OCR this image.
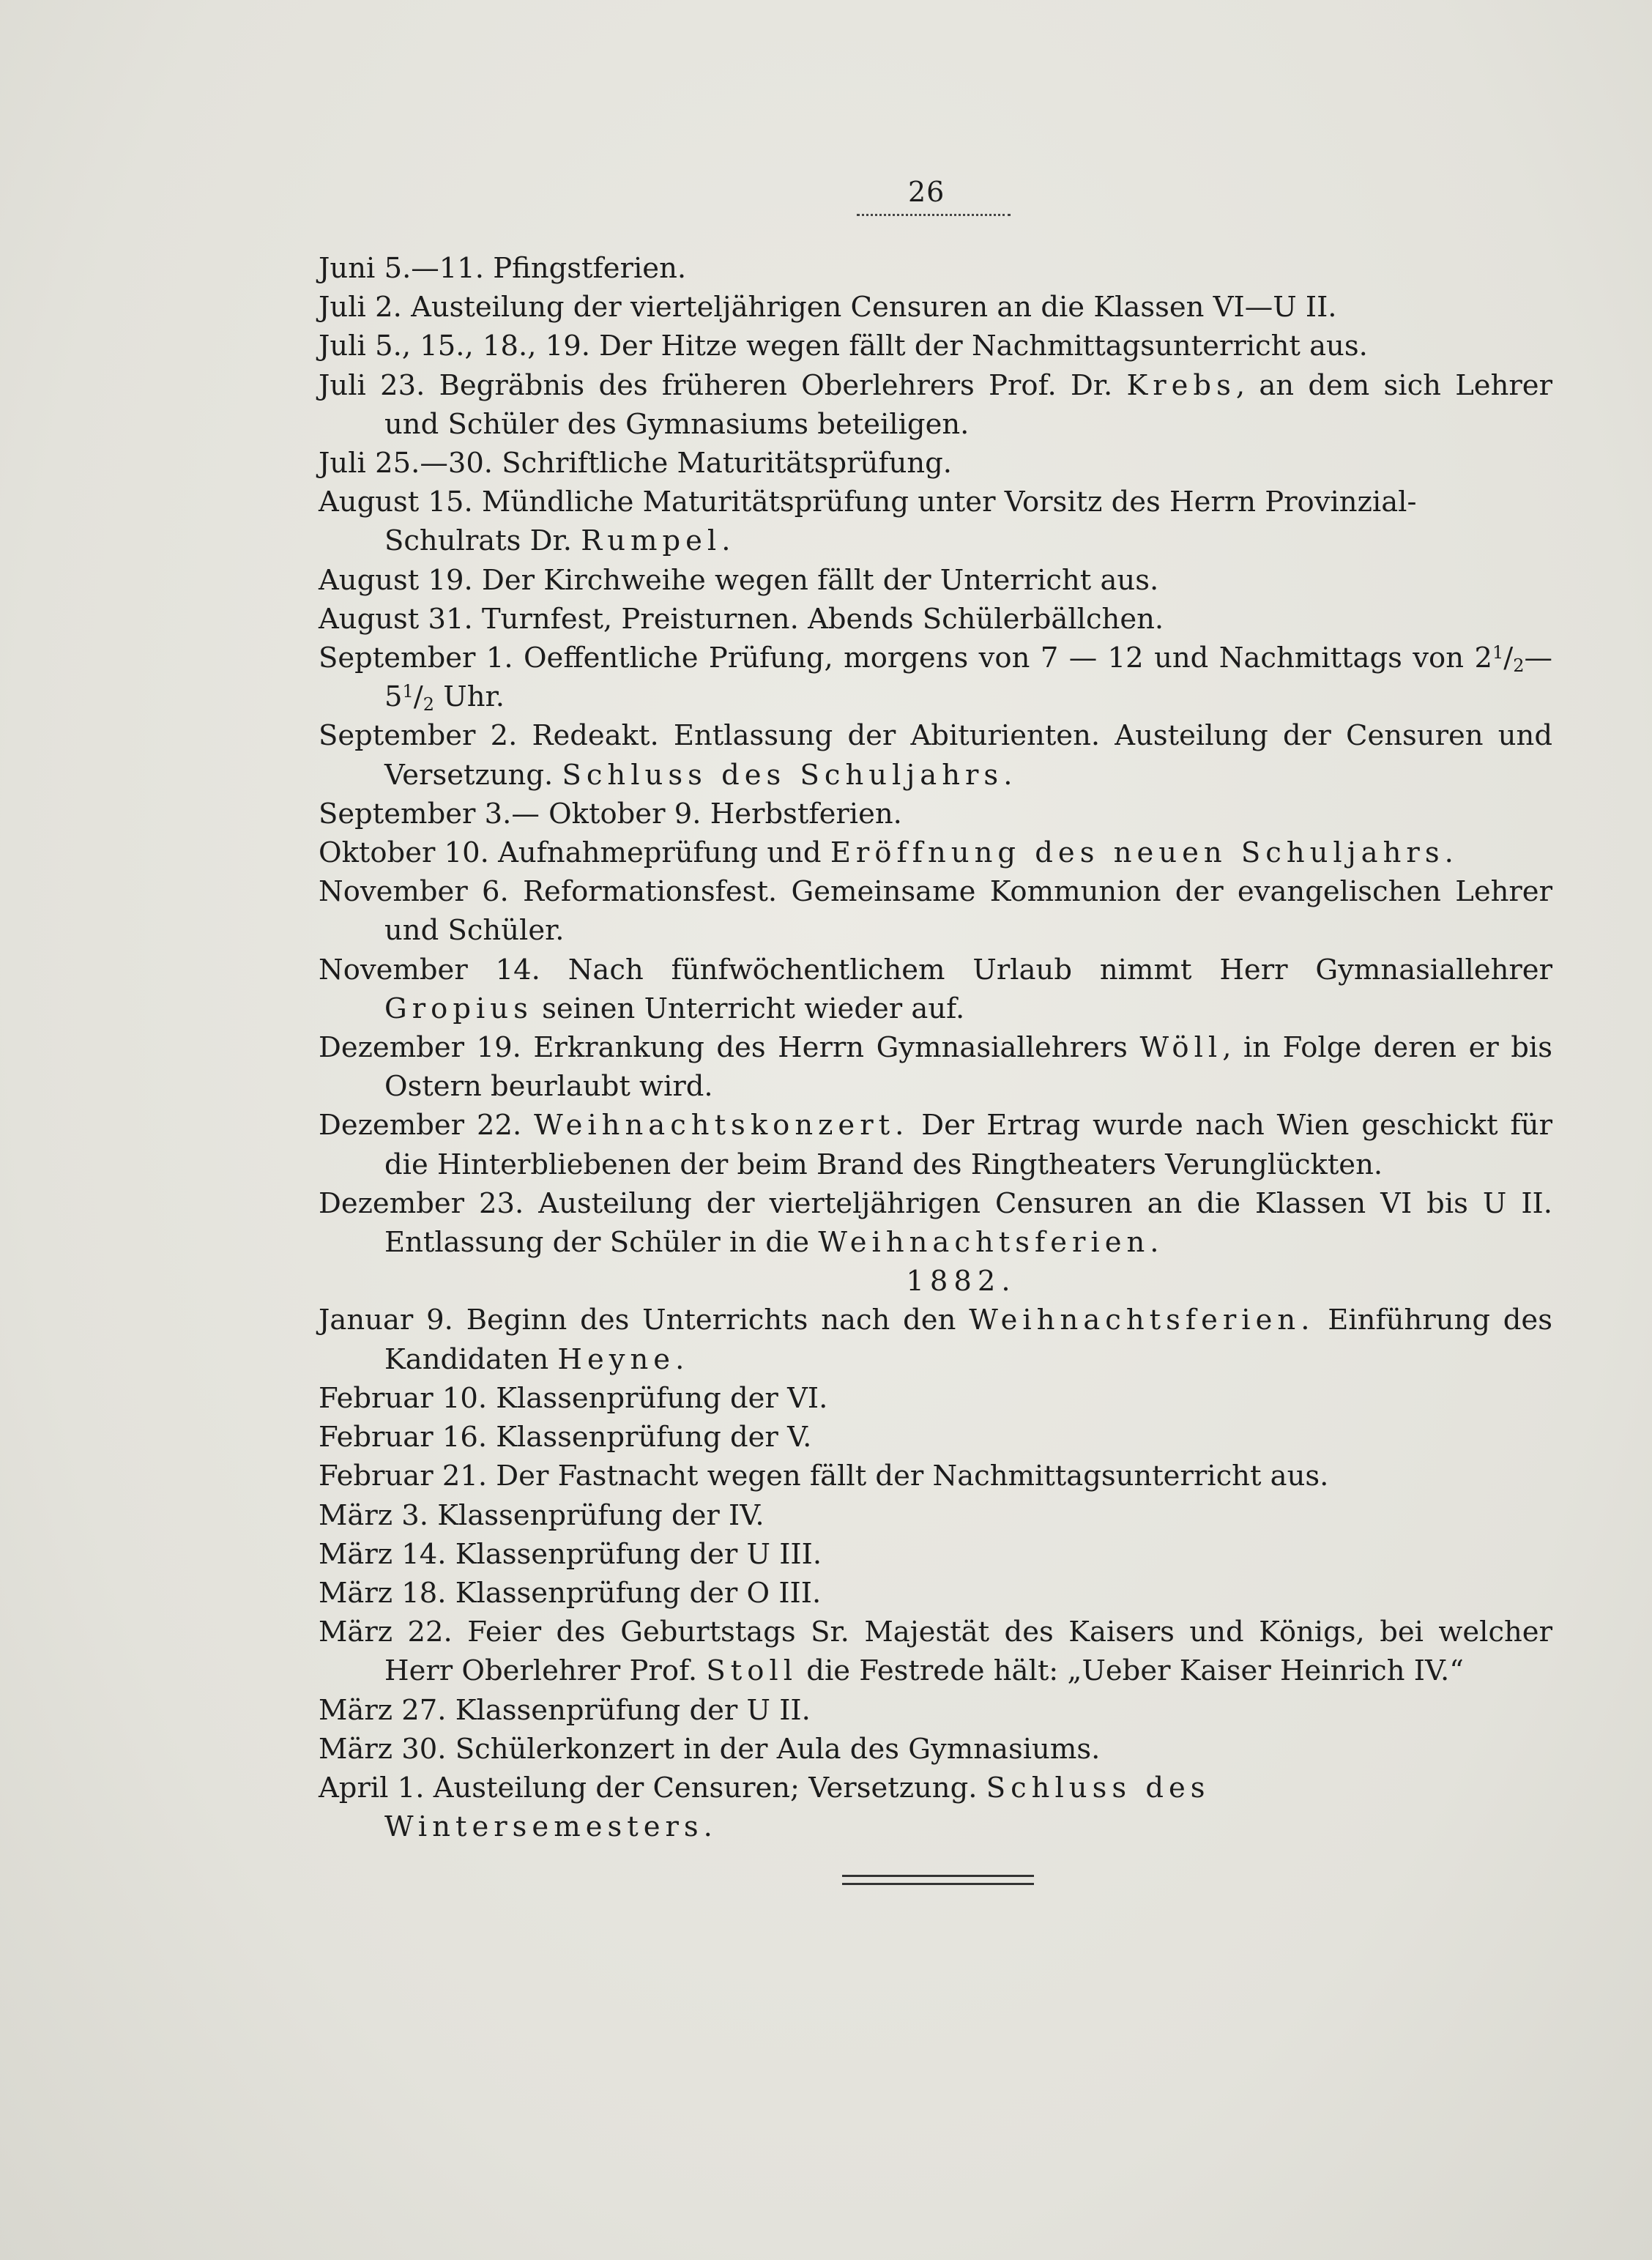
26
Juni 5.—11. Pfingstferien.
Juli 2. Austeilung der vierteljährigen Censuren an die Klassen VI—U II.
Juli 5., 15., 18., 19. Der Hitze wegen fällt der Nachmittagsunterricht aus.
Juli 23. Begräbnis des früheren Oberlehrers Prof. Dr. Krebs, an dem sich Lehrer und Schüler des Gymnasiums beteiligen.
Juli 25.—30. Schriftliche Maturitätsprüfung.
August 15. Mündliche Maturitätsprüfung unter Vorsitz des Herrn Provinzial-Schulrats Dr. Rumpel.
August 19. Der Kirchweihe wegen fällt der Unterricht aus.
August 31. Turnfest, Preisturnen. Abends Schülerbällchen.
September 1. Oeffentliche Prüfung, morgens von 7 — 12 und Nachmittags von $2^1/_2—5^1/_2$ Uhr.
September 2. Redeakt. Entlassung der Abiturienten. Austeilung der Censuren und Versetzung. Schluss des Schuljahrs.
September 3.— Oktober 9. Herbstferien.
Oktober 10. Aufnahmeprüfung und Eröffnung des neuen Schuljahrs.
November 6. Reformationsfest. Gemeinsame Kommunion der evangelischen Lehrer und Schüler.
November 14. Nach fünfwöchentlichem Urlaub nimmt Herr Gymnasiallehrer Gropius seinen Unterricht wieder auf.
Dezember 19. Erkrankung des Herrn Gymnasiallehrers Wöll, in Folge deren er bis Ostern beurlaubt wird.
Dezember 22. Weihnachtskonzert. Der Ertrag wurde nach Wien geschickt für die Hinterbliebenen der beim Brand des Ringtheaters Verunglückten.
Dezember 23. Austeilung der vierteljährigen Censuren an die Klassen VI bis U II. Entlassung der Schüler in die Weihnachtsferien.
1882.
Januar 9. Beginn des Unterrichts nach den Weihnachtsferien. Einführung des Kandidaten Heyne.
Februar 10. Klassenprüfung der VI.
Februar 16. Klassenprüfung der V.
Februar 21. Der Fastnacht wegen fällt der Nachmittagsunterricht aus.
März 3. Klassenprüfung der IV.
März 14. Klassenprüfung der U III.
März 18. Klassenprüfung der O III.
März 22. Feier des Geburtstags Sr. Majestät des Kaisers und Königs, bei welcher Herr Oberlehrer Prof. Stoll die Festrede hält: „Ueber Kaiser Heinrich IV.“
März 27. Klassenprüfung der U II.
März 30. Schülerkonzert in der Aula des Gymnasiums.
April 1. Austeilung der Censuren; Versetzung. Schluss des Wintersemesters.
